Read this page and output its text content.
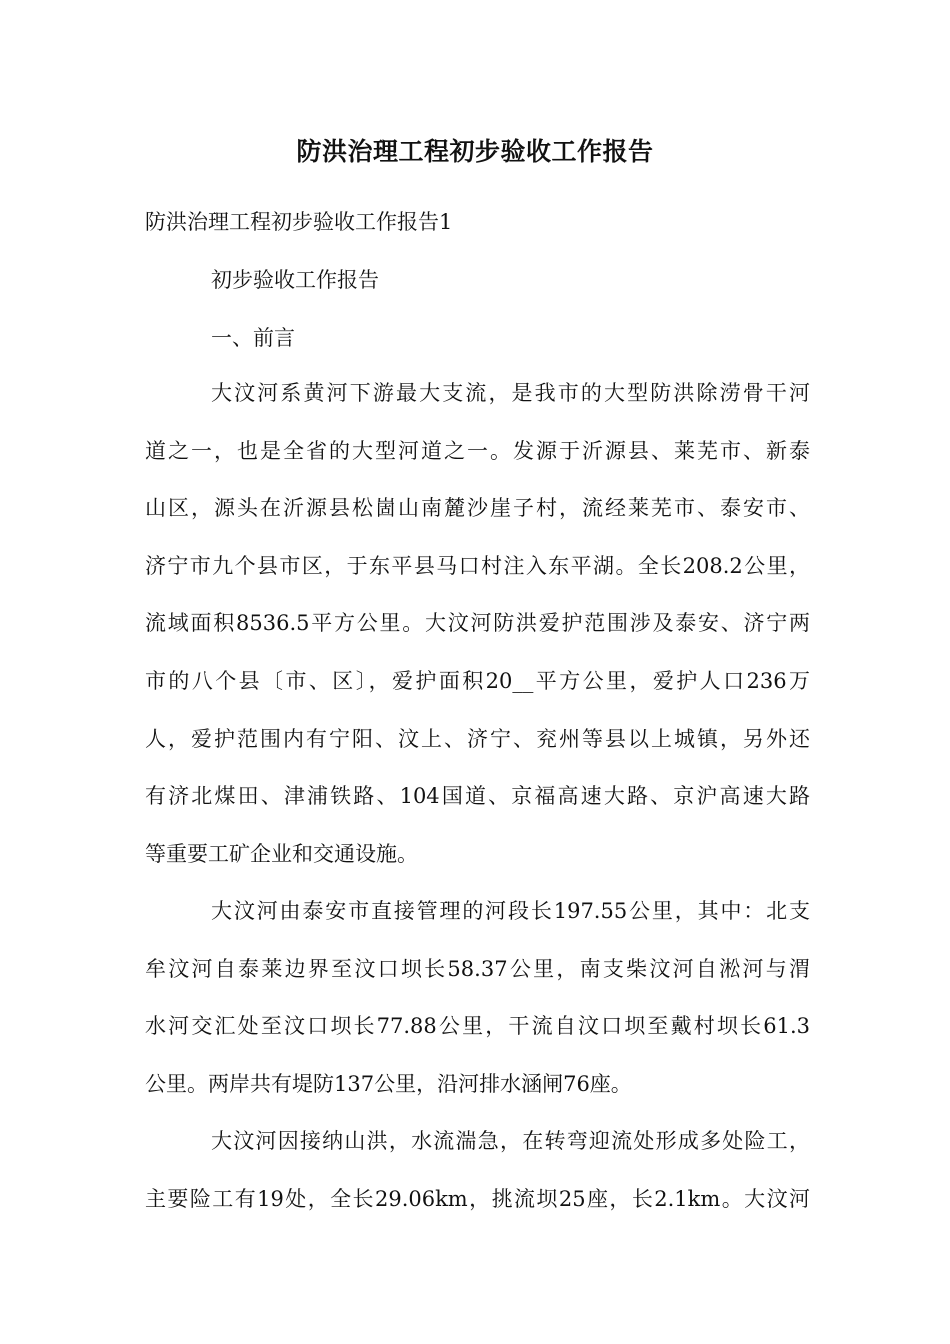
防洪治理工程初步验收工作报告

防洪治理工程初步验收工作报告1

初步验收工作报告

一、前言

大汶河系黄河下游最大支流，是我市的大型防洪除涝骨干河
道之一，也是全省的大型河道之一。发源于沂源县、莱芜市、新泰
山区，源头在沂源县松崮山南麓沙崖子村，流经莱芜市、泰安市、
济宁市九个县市区，于东平县马口村注入东平湖。全长208.2公里，
流域面积8536.5平方公里。大汶河防洪爱护范围涉及泰安、济宁两
市的八个县〔市、区〕，爱护面积20__平方公里，爱护人口236万
人，爱护范围内有宁阳、汶上、济宁、兖州等县以上城镇，另外还
有济北煤田、津浦铁路、104国道、京福高速大路、京沪高速大路
等重要工矿企业和交通设施。
大汶河由泰安市直接管理的河段长197.55公里，其中：北支
牟汶河自泰莱边界至汶口坝长58.37公里，南支柴汶河自淞河与渭
水河交汇处至汶口坝长77.88公里，干流自汶口坝至戴村坝长61.3
公里。两岸共有堤防137公里，沿河排水涵闸76座。
大汶河因接纳山洪，水流湍急，在转弯迎流处形成多处险工，
主要险工有19处，全长29.06km，挑流坝25座，长2.1km。大汶河
